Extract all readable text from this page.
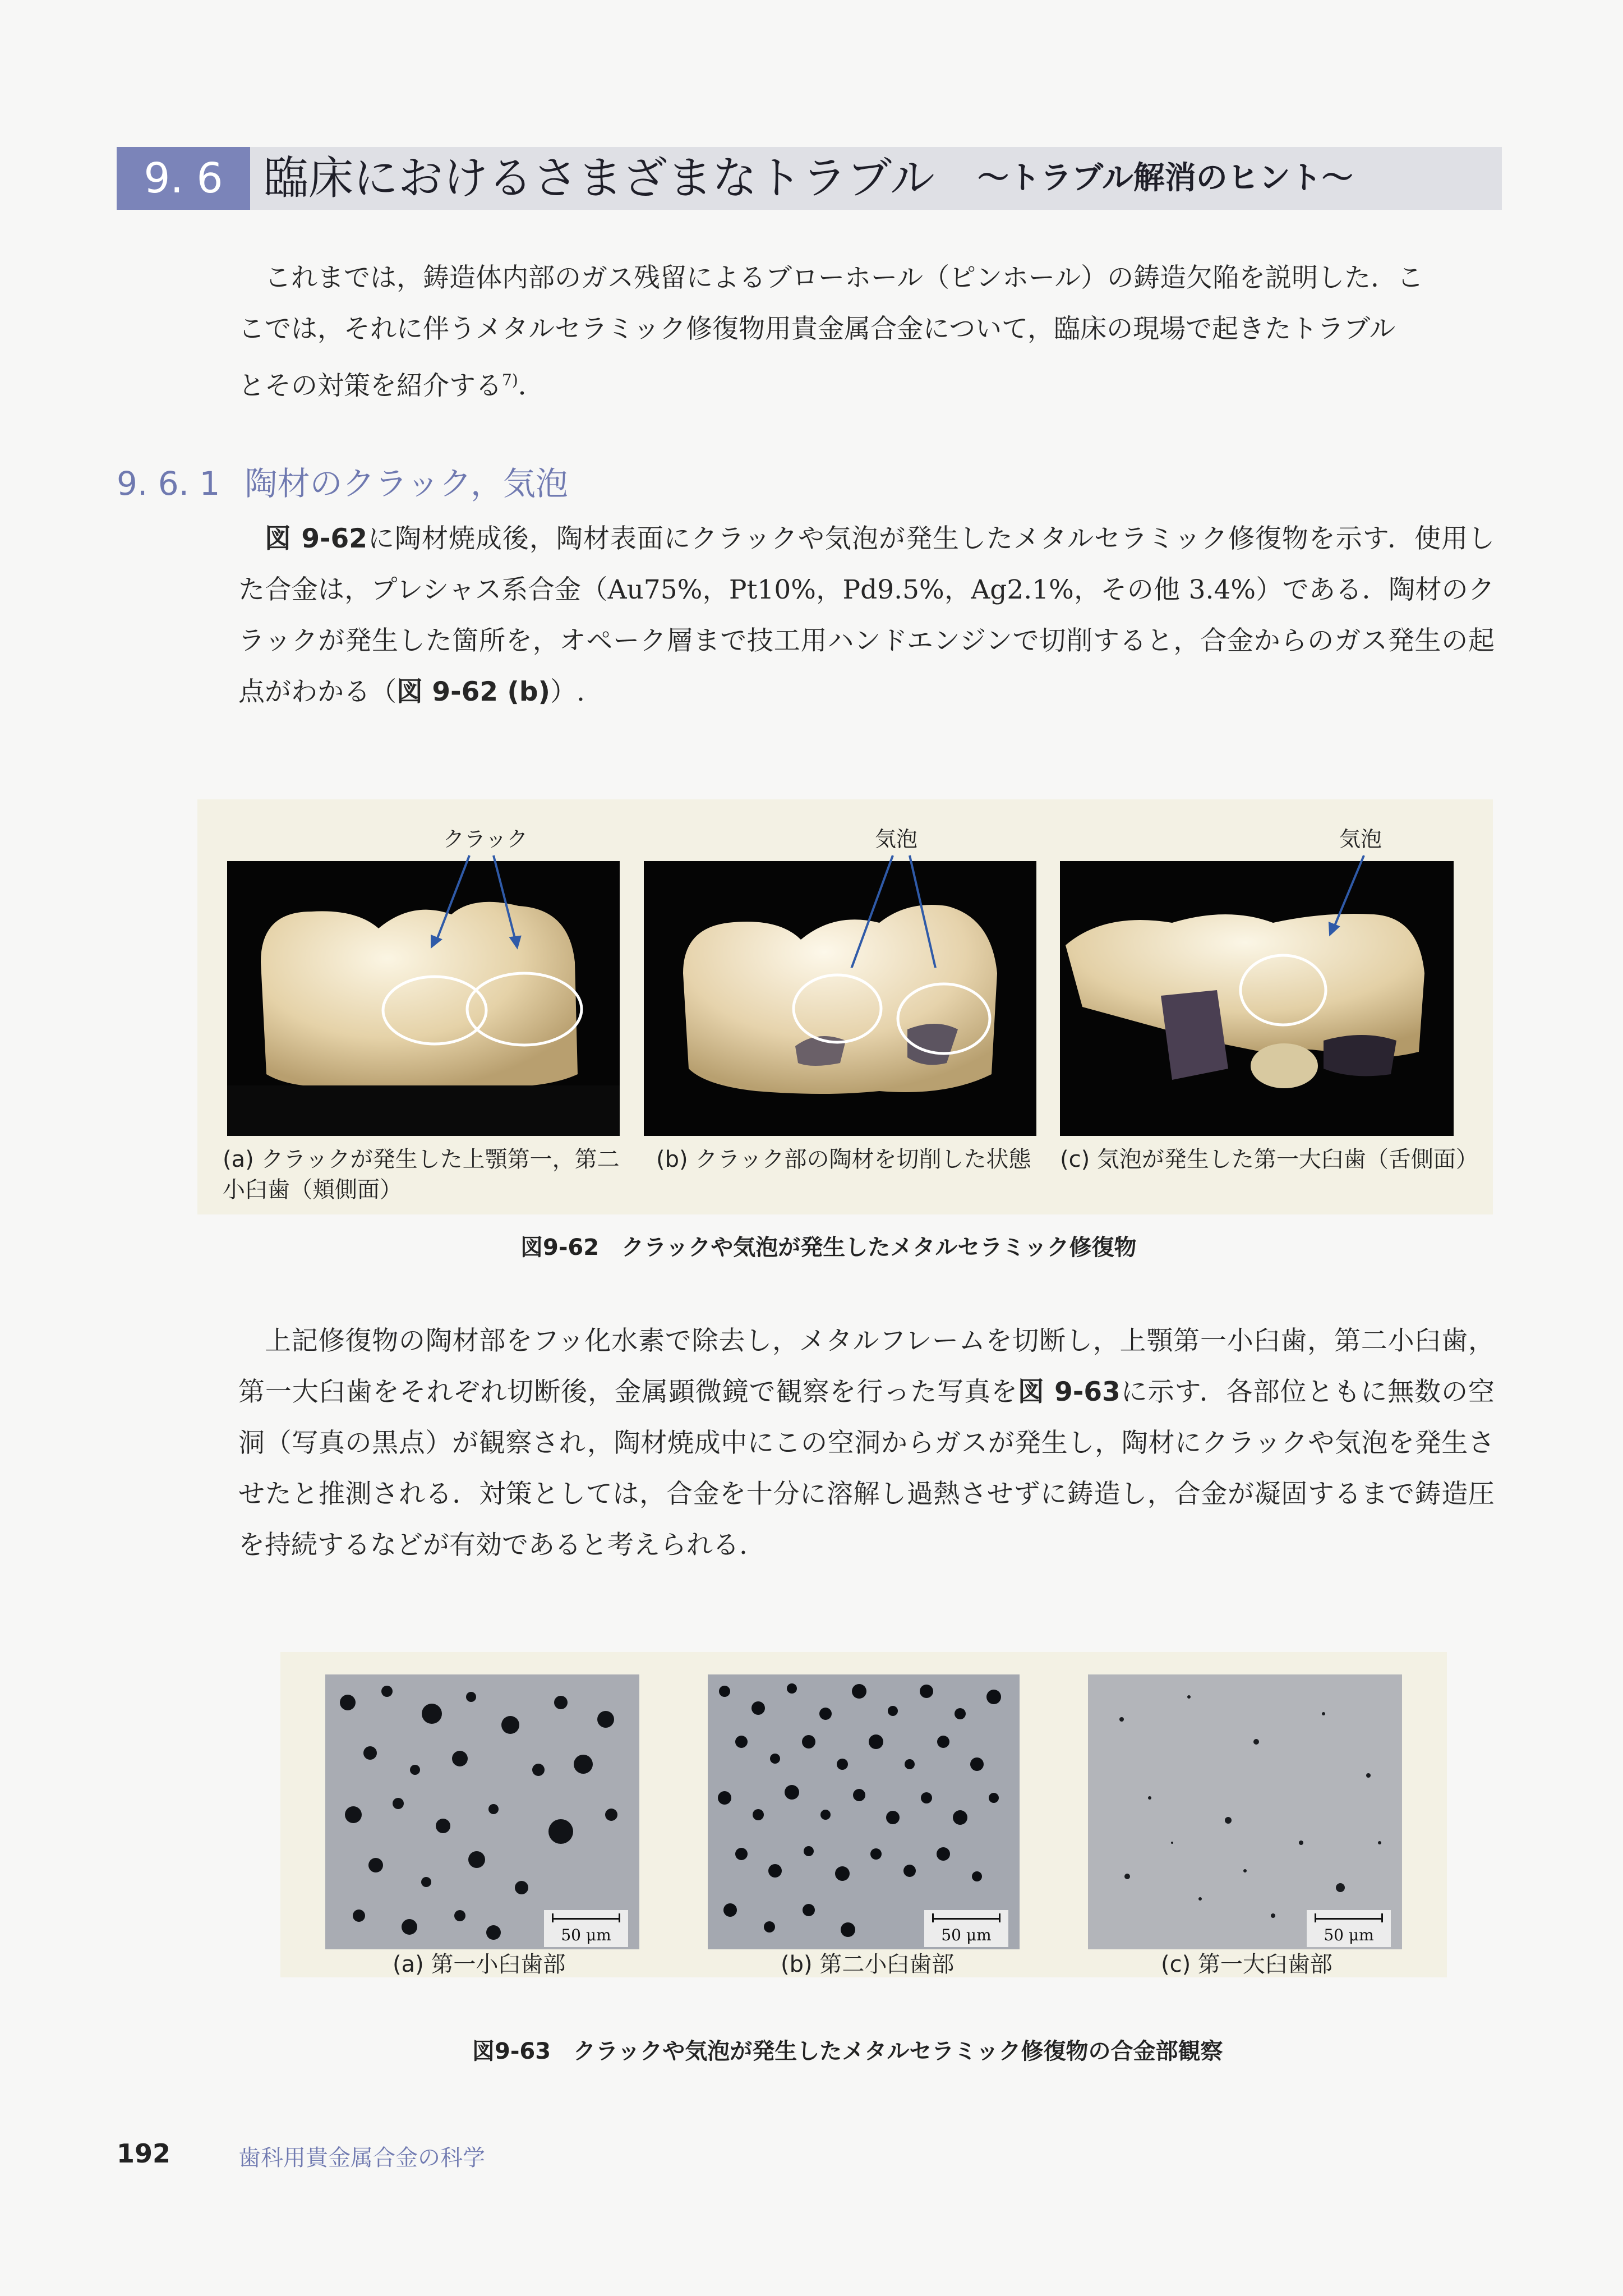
9. 6 臨床におけるさまざまなトラブル ～トラブル解消のヒント～

これまでは，鋳造体内部のガス残留によるブローホール（ピンホール）の鋳造欠陥を説明した．こ

こでは，それに伴うメタルセラミック修復物用貴金属合金について，臨床の現場で起きたトラブル

とその対策を紹介する$^{7)}$．

9. 6. 1 陶材のクラック，気泡

図 9-62に陶材焼成後，陶材表面にクラックや気泡が発生したメタルセラミック修復物を示す．使用した合金は，プレシャス系合金（Au75%，Pt10%，Pd9.5%，Ag2.1%，その他 3.4%）である．陶材のクラックが発生した箇所を，オペーク層まで技工用ハンドエンジンで切削すると，合金からのガス発生の起点がわかる（図 9-62 (b)）.

クラック	気泡	気泡
(a) クラックが発生した上顎第一，第二小臼歯（頬側面）
(b) クラック部の陶材を切削した状態	(c) 気泡が発生した第一大臼歯（舌側面）
図9-62　クラックや気泡が発生したメタルセラミック修復物

上記修復物の陶材部をフッ化水素で除去し，メタルフレームを切断し，上顎第一小臼歯，第二小臼歯，第一大臼歯をそれぞれ切断後，金属顕微鏡で観察を行った写真を図 9-63に示す．各部位ともに無数の空洞（写真の黒点）が観察され，陶材焼成中にこの空洞からガスが発生し，陶材にクラックや気泡を発生させたと推測される．対策としては，合金を十分に溶解し過熱させずに鋳造し，合金が凝固するまで鋳造圧を持続するなどが有効であると考えられる.

50 μm	50 μm	50 μm
(a) 第一小臼歯部	(b) 第二小臼歯部	(c) 第一大臼歯部
図9-63　クラックや気泡が発生したメタルセラミック修復物の合金部観察
192	歯科用貴金属合金の科学
